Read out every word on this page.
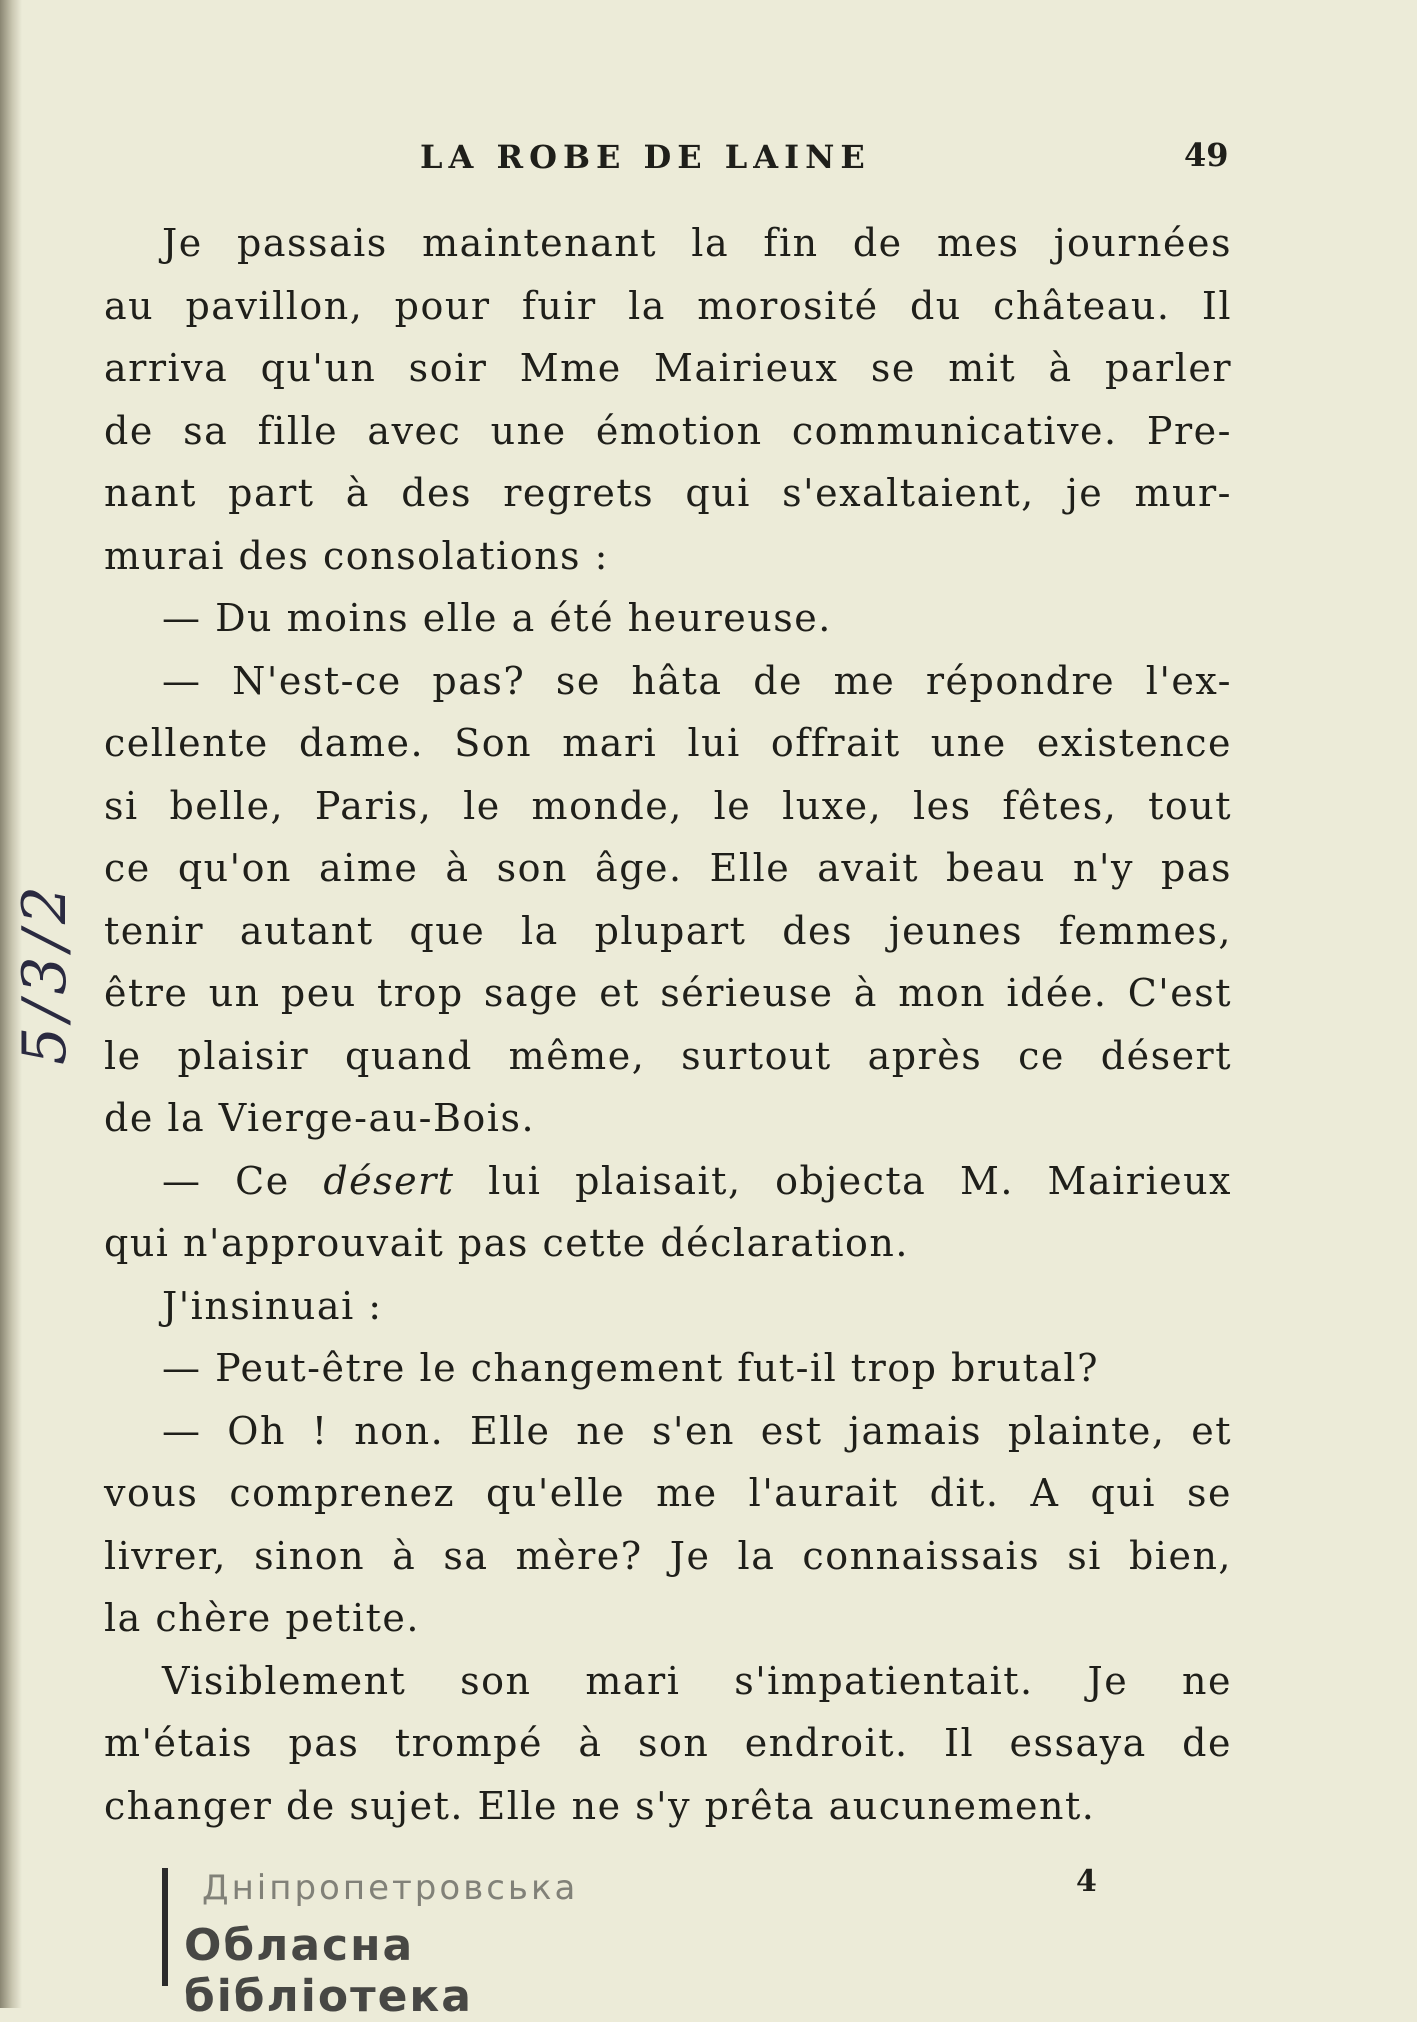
LA ROBE DE LAINE	49
5/3/2
Je passais maintenant la fin de mes journées
au pavillon, pour fuir la morosité du château. Il
arriva qu'un soir Mme Mairieux se mit à parler
de sa fille avec une émotion communicative. Pre-
nant part à des regrets qui s'exaltaient, je mur-
murai des consolations :
— Du moins elle a été heureuse.
— N'est-ce pas? se hâta de me répondre l'ex-
cellente dame. Son mari lui offrait une existence
si belle, Paris, le monde, le luxe, les fêtes, tout
ce qu'on aime à son âge. Elle avait beau n'y pas
tenir autant que la plupart des jeunes femmes,
être un peu trop sage et sérieuse à mon idée. C'est
le plaisir quand même, surtout après ce désert
de la Vierge-au-Bois.
— Ce désert lui plaisait, objecta M. Mairieux
qui n'approuvait pas cette déclaration.
J'insinuai :
— Peut-être le changement fut-il trop brutal?
— Oh ! non. Elle ne s'en est jamais plainte, et
vous comprenez qu'elle me l'aurait dit. A qui se
livrer, sinon à sa mère? Je la connaissais si bien,
la chère petite.
Visiblement son mari s'impatientait. Je ne
m'étais pas trompé à son endroit. Il essaya de
changer de sujet. Elle ne s'y prêta aucunement.
4
Дніпропетровська
Обласна бібліотека
